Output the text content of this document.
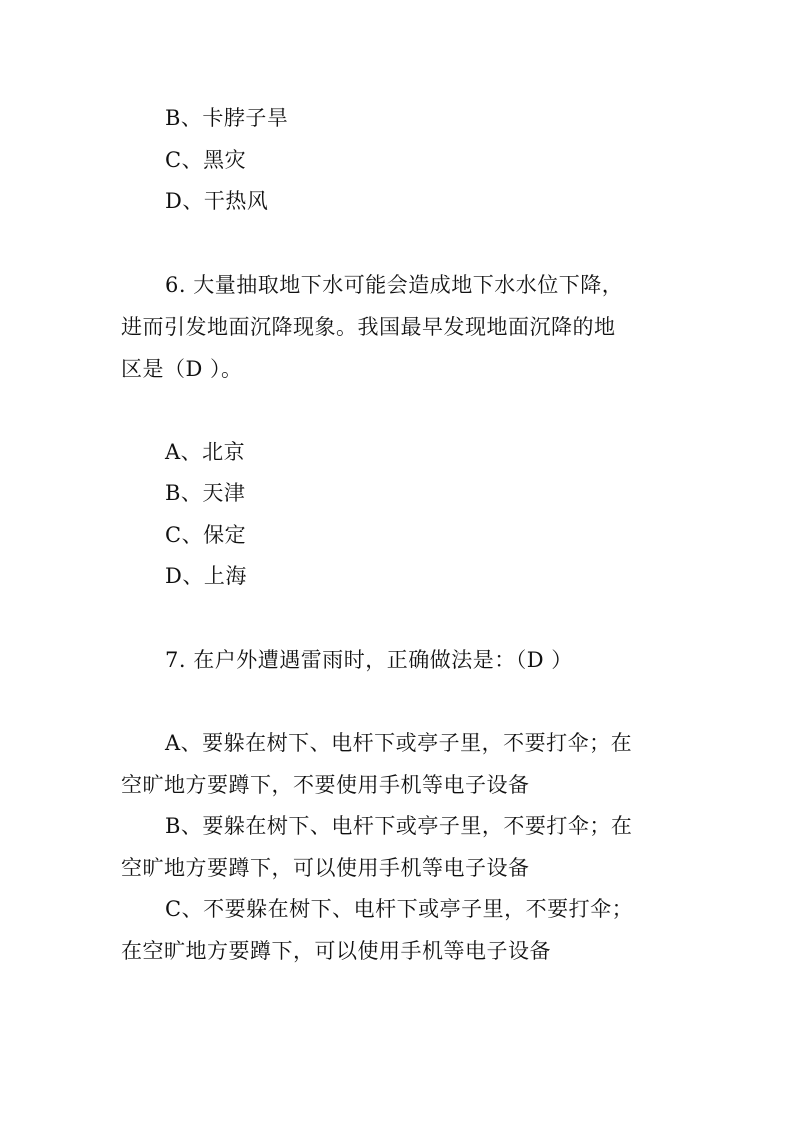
B、卡脖子旱
C、黑灾
D、干热风
6. 大量抽取地下水可能会造成地下水水位下降，
进而引发地面沉降现象。我国最早发现地面沉降的地
区是（D ）。
A、北京
B、天津
C、保定
D、上海
7. 在户外遭遇雷雨时，正确做法是：（D ）
A、要躲在树下、电杆下或亭子里，不要打伞；在
空旷地方要蹲下，不要使用手机等电子设备
B、要躲在树下、电杆下或亭子里，不要打伞；在
空旷地方要蹲下，可以使用手机等电子设备
C、不要躲在树下、电杆下或亭子里，不要打伞；
在空旷地方要蹲下，可以使用手机等电子设备
